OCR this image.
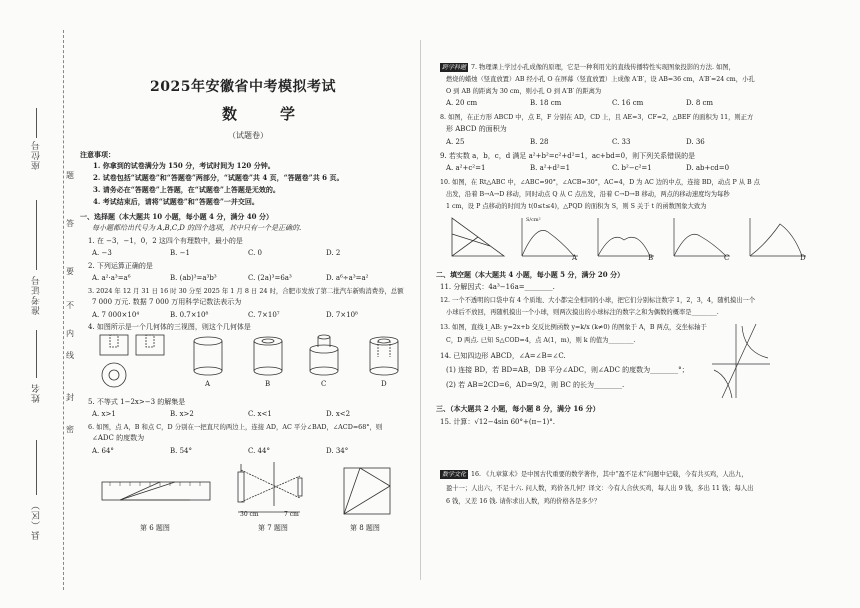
座位号
准考证号
姓名
县（区）
题
答
要
不
内
线
封
密
2025年安徽省中考模拟考试
数　学
（试题卷）
注意事项：
1. 你拿到的试卷满分为 150 分，考试时间为 120 分钟。
2. 试卷包括“试题卷”和“答题卷”两部分，“试题卷”共 4 页，“答题卷”共 6 页。
3. 请务必在“答题卷”上答题，在“试题卷”上答题是无效的。
4. 考试结束后，请将“试题卷”和“答题卷”一并交回。
一、选择题（本大题共 10 小题，每小题 4 分，满分 40 分）
每小题都给出代号为 A,B,C,D 的四个选项，其中只有一个是正确的.
1. 在 −3，−1，0，2 这四个有理数中，最小的是
A. −3	B. −1	C. 0	D. 2
2. 下列运算正确的是
A. a²·a³=a⁶	B. (ab)³=a³b³	C. (2a)³=6a³	D. a⁶÷a³=a²
3. 2024 年 12 月 31 日 16 时 30 分至 2025 年 1 月 8 日 24 时，合肥市发放了第二批汽车新购消费券，总额
7 000 万元. 数据 7 000 万用科学记数法表示为
A. 7 000×10⁴	B. 0.7×10⁸	C. 7×10⁷	D. 7×10⁸
4. 如图所示是一个几何体的三视图，则这个几何体是
A	B	C	D
5. 不等式 1−2x>−3 的解集是
A. x>1	B. x>2	C. x<1	D. x<2
6. 如图，点 A，B 和点 C，D 分别在一把直尺的两边上，连接 AD，AC 平分∠BAD，∠ACD=68°，则
∠ADC 的度数为
A. 64°	B. 54°	C. 44°	D. 34°
30 cm	7 cm
第 6 题图	第 7 题图	第 8 题图
跨学科题 7. 物理课上学过小孔成像的原理，它是一种利用光的直线传播特性实现图象投影的方法. 如图，
燃烧的蜡烛（竖直放置）AB 经小孔 O 在屏幕（竖直放置）上成像 A′B′，设 AB=36 cm，A′B′=24 cm，小孔
O 到 AB 的距离为 30 cm，则小孔 O 到 A′B′ 的距离为
A. 20 cm	B. 18 cm	C. 16 cm	D. 8 cm
8. 如图，在正方形 ABCD 中，点 E，F 分别在 AD，CD 上，且 AE=3，CF=2，△BEF 的面积为 11，则正方
形 ABCD 的面积为
A. 25	B. 28	C. 33	D. 36
9. 若实数 a，b，c，d 满足 a²+b²=c²+d²=1，ac+bd=0，则下列关系错误的是
A. a²+c²=1	B. a²+d²=1	C. b²−c²=1	D. ab+cd=0
10. 如图，在 Rt△ABC 中，∠ABC=90°，∠ACB=30°，AC=4，D 为 AC 边的中点，连接 BD，动点 P 从 B 点
出发，沿着 B→A→D 移动，同时动点 Q 从 C 点出发，沿着 C→D→B 移动，两点的移动速度均为每秒
1 cm，设 P 点移动的时间为 t(0≤t≤4)，△PQD 的面积为 S，则 S 关于 t 的函数图象大致为
S/cm²
A	B	C	D
二、填空题（本大题共 4 小题，每小题 5 分，满分 20 分）
11. 分解因式：4a³−16a=________.
12. 一个不透明的口袋中有 4 个质地、大小都完全相同的小球，把它们分别标注数字 1，2，3，4，随机摸出一个
小球后不放回，再随机摸出一个小球，则两次摸出的小球标注的数字之和为偶数的概率是________.
13. 如图，直线 l_AB: y=2x+b 交反比例函数 y=k/x (k≠0) 的图象于 A，B 两点，交坐标轴于
C，D 两点. 已知 S△COD=4，点 A(1，m)，则 k 的值为________.
14. 已知四边形 ABCD，∠A=∠B=∠C.
(1) 连接 BD，若 BD=AB，DB 平分∠ADC，则∠ADC 的度数为________°；
(2) 若 AB=2CD=6，AD=9/2，则 BC 的长为________.
三、（本大题共 2 小题，每小题 8 分，满分 16 分）
15. 计算：√12−4sin 60°+(π−1)°.
数学文化 16. 《九章算术》是中国古代重要的数学著作，其中“盈不足术”问题中记载，今有共买鸡，人出九，
盈十一；人出六，不足十六. 问人数，鸡价各几何？译文：今有人合伙买鸡，每人出 9 钱，多出 11 钱；每人出
6 钱，又差 16 钱. 请你求出人数，鸡的价格各是多少？
